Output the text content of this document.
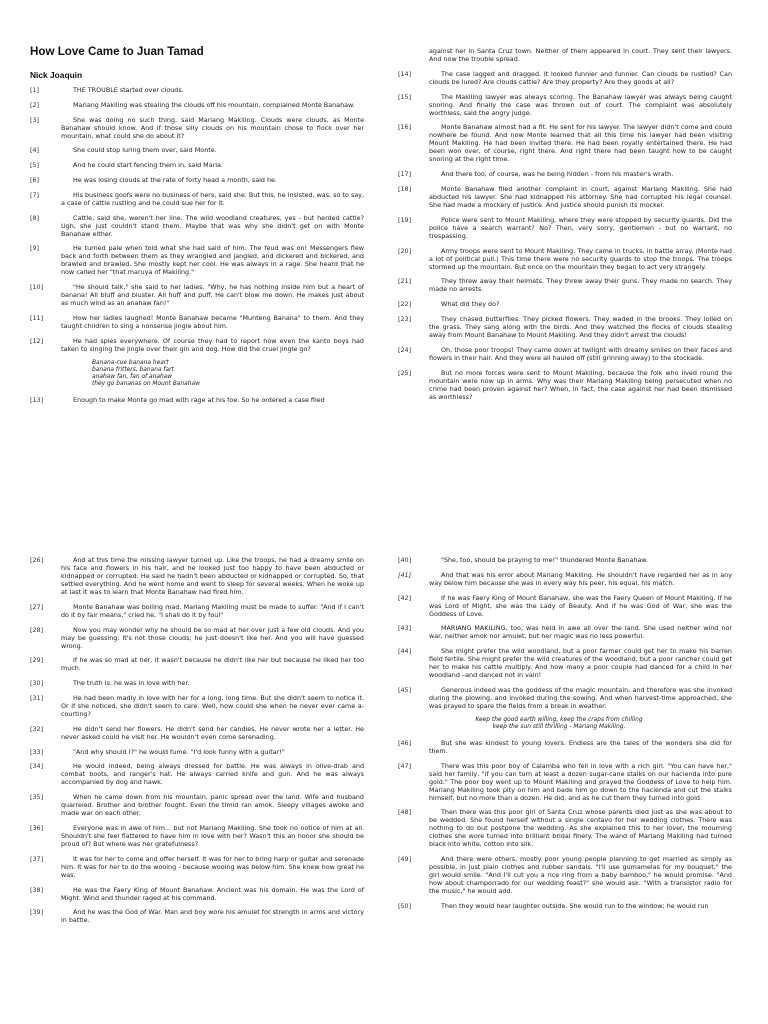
How Love Came to Juan Tamad
Nick Joaquin
[1]	THE TROUBLE started over clouds.
[2]	Mariang Makiling was stealing the clouds off his mountain, complained Monte Banahaw.
[3]	She was doing no such thing, said Mariang Makiling. Clouds were clouds, as Monte Banahaw should know. And if those silly clouds on his mountain chose to flock over her mountain, what could she do about it?
[4]	She could stop luring them over, said Monte.
[5]	And he could start fencing them in, said Maria.
[6]	He was losing clouds at the rate of forty head a month, said he.
[7]	His business goofs were no business of hers, said she. But this, he insisted, was, so to say, a case of cattle rustling and he could sue her for it.
[8]	Cattle, said she, weren't her line. The wild woodland creatures, yes - but herded cattle? Ugh, she just couldn't stand them. Maybe that was why she didn't get on with Monte Banahaw either.
[9]	He turned pale when told what she had said of him. The feud was on! Messengers flew back and forth between them as they wrangled and jangled, and dickered and bickered, and brawled and brawled. She mostly kept her cool. He was always in a rage. She heard that he now called her "that maruya of Makiling."
[10]	"He should talk," she said to her ladies. "Why, he has nothing inside him but a heart of banana! All bluff and bluster. All huff and puff. He can't blow me down. He makes just about as much wind as an anahaw fan!"
[11]	How her ladies laughed! Monte Banahaw became "Munteng Banana" to them. And they taught children to sing a nonsense jingle about him.
[12]	He had spies everywhere. Of course they had to report how even the kanto boys had taken to singing the jingle over their gin and dog. How did the cruel jingle go?
Banana-cue banana heart
banana fritters, banana fart
anahaw fan, fan of anahaw
they go bananas on Mount Banahaw
[13]	Enough to make Monte go mad with rage at his foe. So he ordered a case filed
against her in Santa Cruz town. Neither of them appeared in court. They sent their lawyers. And now the trouble spread.
[14]	The case lagged and dragged. It looked funnier and funnier. Can clouds be rustled? Can clouds be lured? Are clouds cattle? Are they property? Are they goods at all?
[15]	The Makiling lawyer was always scoring. The Banahaw lawyer was always being caught snoring. And finally the case was thrown out of court. The complaint was absolutely worthless, said the angry judge.
[16]	Monte Banahaw almost had a fit. He sent for his lawyer. The lawyer didn't come and could nowhere be found. And now Monte learned that all this time his lawyer had been visiting Mount Makiling. He had been invited there. He had been royally entertained there. He had been won over, of course, right there. And right there had been taught how to be caught snoring at the right time.
[17]	And there too, of course, was he being hidden - from his master's wrath.
[18]	Monte Banahaw filed another complaint in court, against Mariang Makiling. She had abducted his lawyer. She had kidnapped his attorney. She had corrupted his legal counsel. She had made a mockery of justice. And justice should punish its mocker.
[19]	Police were sent to Mount Makiling, where they were stopped by security guards. Did the police have a search warrant? No? Then, very sorry, gentlemen - but no warrant, no trespassing.
[20]	Army troops were sent to Mount Makiling. They came in trucks, in battle array. (Monte had a lot of political pull.) This time there were no security guards to stop the troops. The troops stormed up the mountain. But once on the mountain they began to act very strangely.
[21]	They threw away their helmets. They threw away their guns. They made no search. They made no arrests.
[22]	What did they do?
[23]	They chased butterflies. They picked flowers. They waded in the brooks. They lolled on the grass. They sang along with the birds. And they watched the flocks of clouds stealing away from Mount Banahaw to Mount Makiling. And they didn't arrest the clouds!
[24]	Oh, those poor troops! They came down at twilight with dreamy smiles on their faces and flowers in their hair. And they were all hauled off (still grinning away) to the stockade.
[25]	But no more forces were sent to Mount Makiling, because the folk who lived round the mountain were now up in arms. Why was their Mariang Makiling being persecuted when no crime had been proven against her? When, in fact, the case against her had been dismissed as worthless?
[26]	And at this time the missing lawyer turned up. Like the troops, he had a dreamy smile on his face and flowers in his hair, and he looked just too happy to have been abducted or kidnapped or corrupted. He said he hadn't been abducted or kidnapped or corrupted. So, that settled everything. And he went home and went to sleep for several weeks. When he woke up at last it was to learn that Monte Banahaw had fired him.
[27]	Monte Banahaw was boiling mad. Mariang Makiling must be made to suffer. "And if I can't do it by fair means," cried he, "I shall do it by foul"
[28]	Now you may wonder why he should be so mad at her over just a few old clouds. And you may be guessing: It's not those clouds; he just doesn't like her. And you will have guessed wrong.
[29]	If he was so mad at her, it wasn't because he didn't like her but because he liked her too much.
[30]	The truth is: he was in love with her.
[31]	He had been madly in love with her for a long, long time. But she didn't seem to notice it. Or if she noticed, she didn't seem to care. Well, how could she when he never ever came a-courting?
[32]	He didn't send her flowers. He didn't send her candies. He never wrote her a letter. He never asked could he visit her. He wouldn't even come serenading.
[33]	"And why should I?" he would fume. "I'd look funny with a guitar!"
[34]	He would indeed, being always dressed for battle. He was always in olive-drab and combat boots, and ranger's hat. He always carried knife and gun. And he was always accompanied by dog and hawk.
[35]	When he came down from his mountain, panic spread over the land. Wife and husband quarreled. Brother and brother fought. Even the timid ran amok. Sleepy villages awoke and made war on each other.
[36]	Everyone was in awe of him... but not Mariang Makiling. She took no notice of him at all. Shouldn't she feel flattered to have him in love with her? Wasn't this an honor she should be proud of? But where was her gratefulness?
[37]	It was for her to come and offer herself. It was for her to bring harp or guitar and serenade him. It was for her to do the wooing - because wooing was below him. She knew how great he was.
[38]	He was the Faery King of Mount Banahaw. Ancient was his domain. He was the Lord of Might. Wind and thunder raged at his command.
[39]	And he was the God of War. Man and boy wore his amulet for strength in arms and victory in battle.
[40]	"She, too, should be praying to me!" thundered Monte Banahaw.
[41]	And that was his error about Mariang Makiling. He shouldn't have regarded her as in any way below him because she was in every way his peer, his equal, his match.
[42]	If he was Faery King of Mount Banahaw, she was the Faery Queen of Mount Makiling. If he was Lord of Might, she was the Lady of Beauty. And if he was God of War, she was the Goddess of Love.
[43]	MARIANG MAKILING, too, was held in awe all over the land. She used neither wind nor war, neither amok nor amulet, but her magic was no less powerful.
[44]	She might prefer the wild woodland, but a poor farmer could get her to make his barren field fertile. She might prefer the wild creatures of the woodland, but a poor rancher could get her to make his cattle multiply. And how many a poor couple had danced for a child in her woodland –and danced not in vain!
[45]	Generous indeed was the goddess of the magic mountain, and therefore was she invoked during the plowing, and invoked during the sowing. And when harvest-time approached, she was prayed to spare the fields from a break in weather:
Keep the good earth willing, keep the craps from chilling
keep the sun still thrilling - Mariang Makiling.
[46]	But she was kindest to young lovers. Endless are the tales of the wonders she did for them.
[47]	There was this poor boy of Calamba who fell in love with a rich girl. "You can have her," said her family, "if you can turn at least a dozen sugar-cane stalks on our hacienda into pure gold." The poor boy went up to Mount Makiling and prayed the Goddess of Love to help him. Mariang Makiling took pity on him and bade him go down to the hacienda and cut the stalks himself, but no more than a dozen. He did, and as he cut them they turned into gold.
[48]	Then there was this poor girl of Santa Cruz whose parents died just as she was about to be wedded. She found herself without a single centavo for her wedding clothes. There was nothing to do but postpone the wedding. As she explained this to her lover, the mourning clothes she wore turned into brilliant bridal finery. The wand of Mariang Makiling had turned black into white, cotton into silk.
[49]	And there were others, mostly poor young people planning to get married as simply as possible, in just plain clothes and rubber sandals. "I'll use gumamelas for my bouquet," the girl would smile. "And I'll cut you a rice ring from a baby bamboo," he would promise. "And how about champorrado for our wedding feast?" she would ask. "With a transistor radio for the music," he would add.
[50]	Then they would hear laughter outside. She would run to the window; he would run
